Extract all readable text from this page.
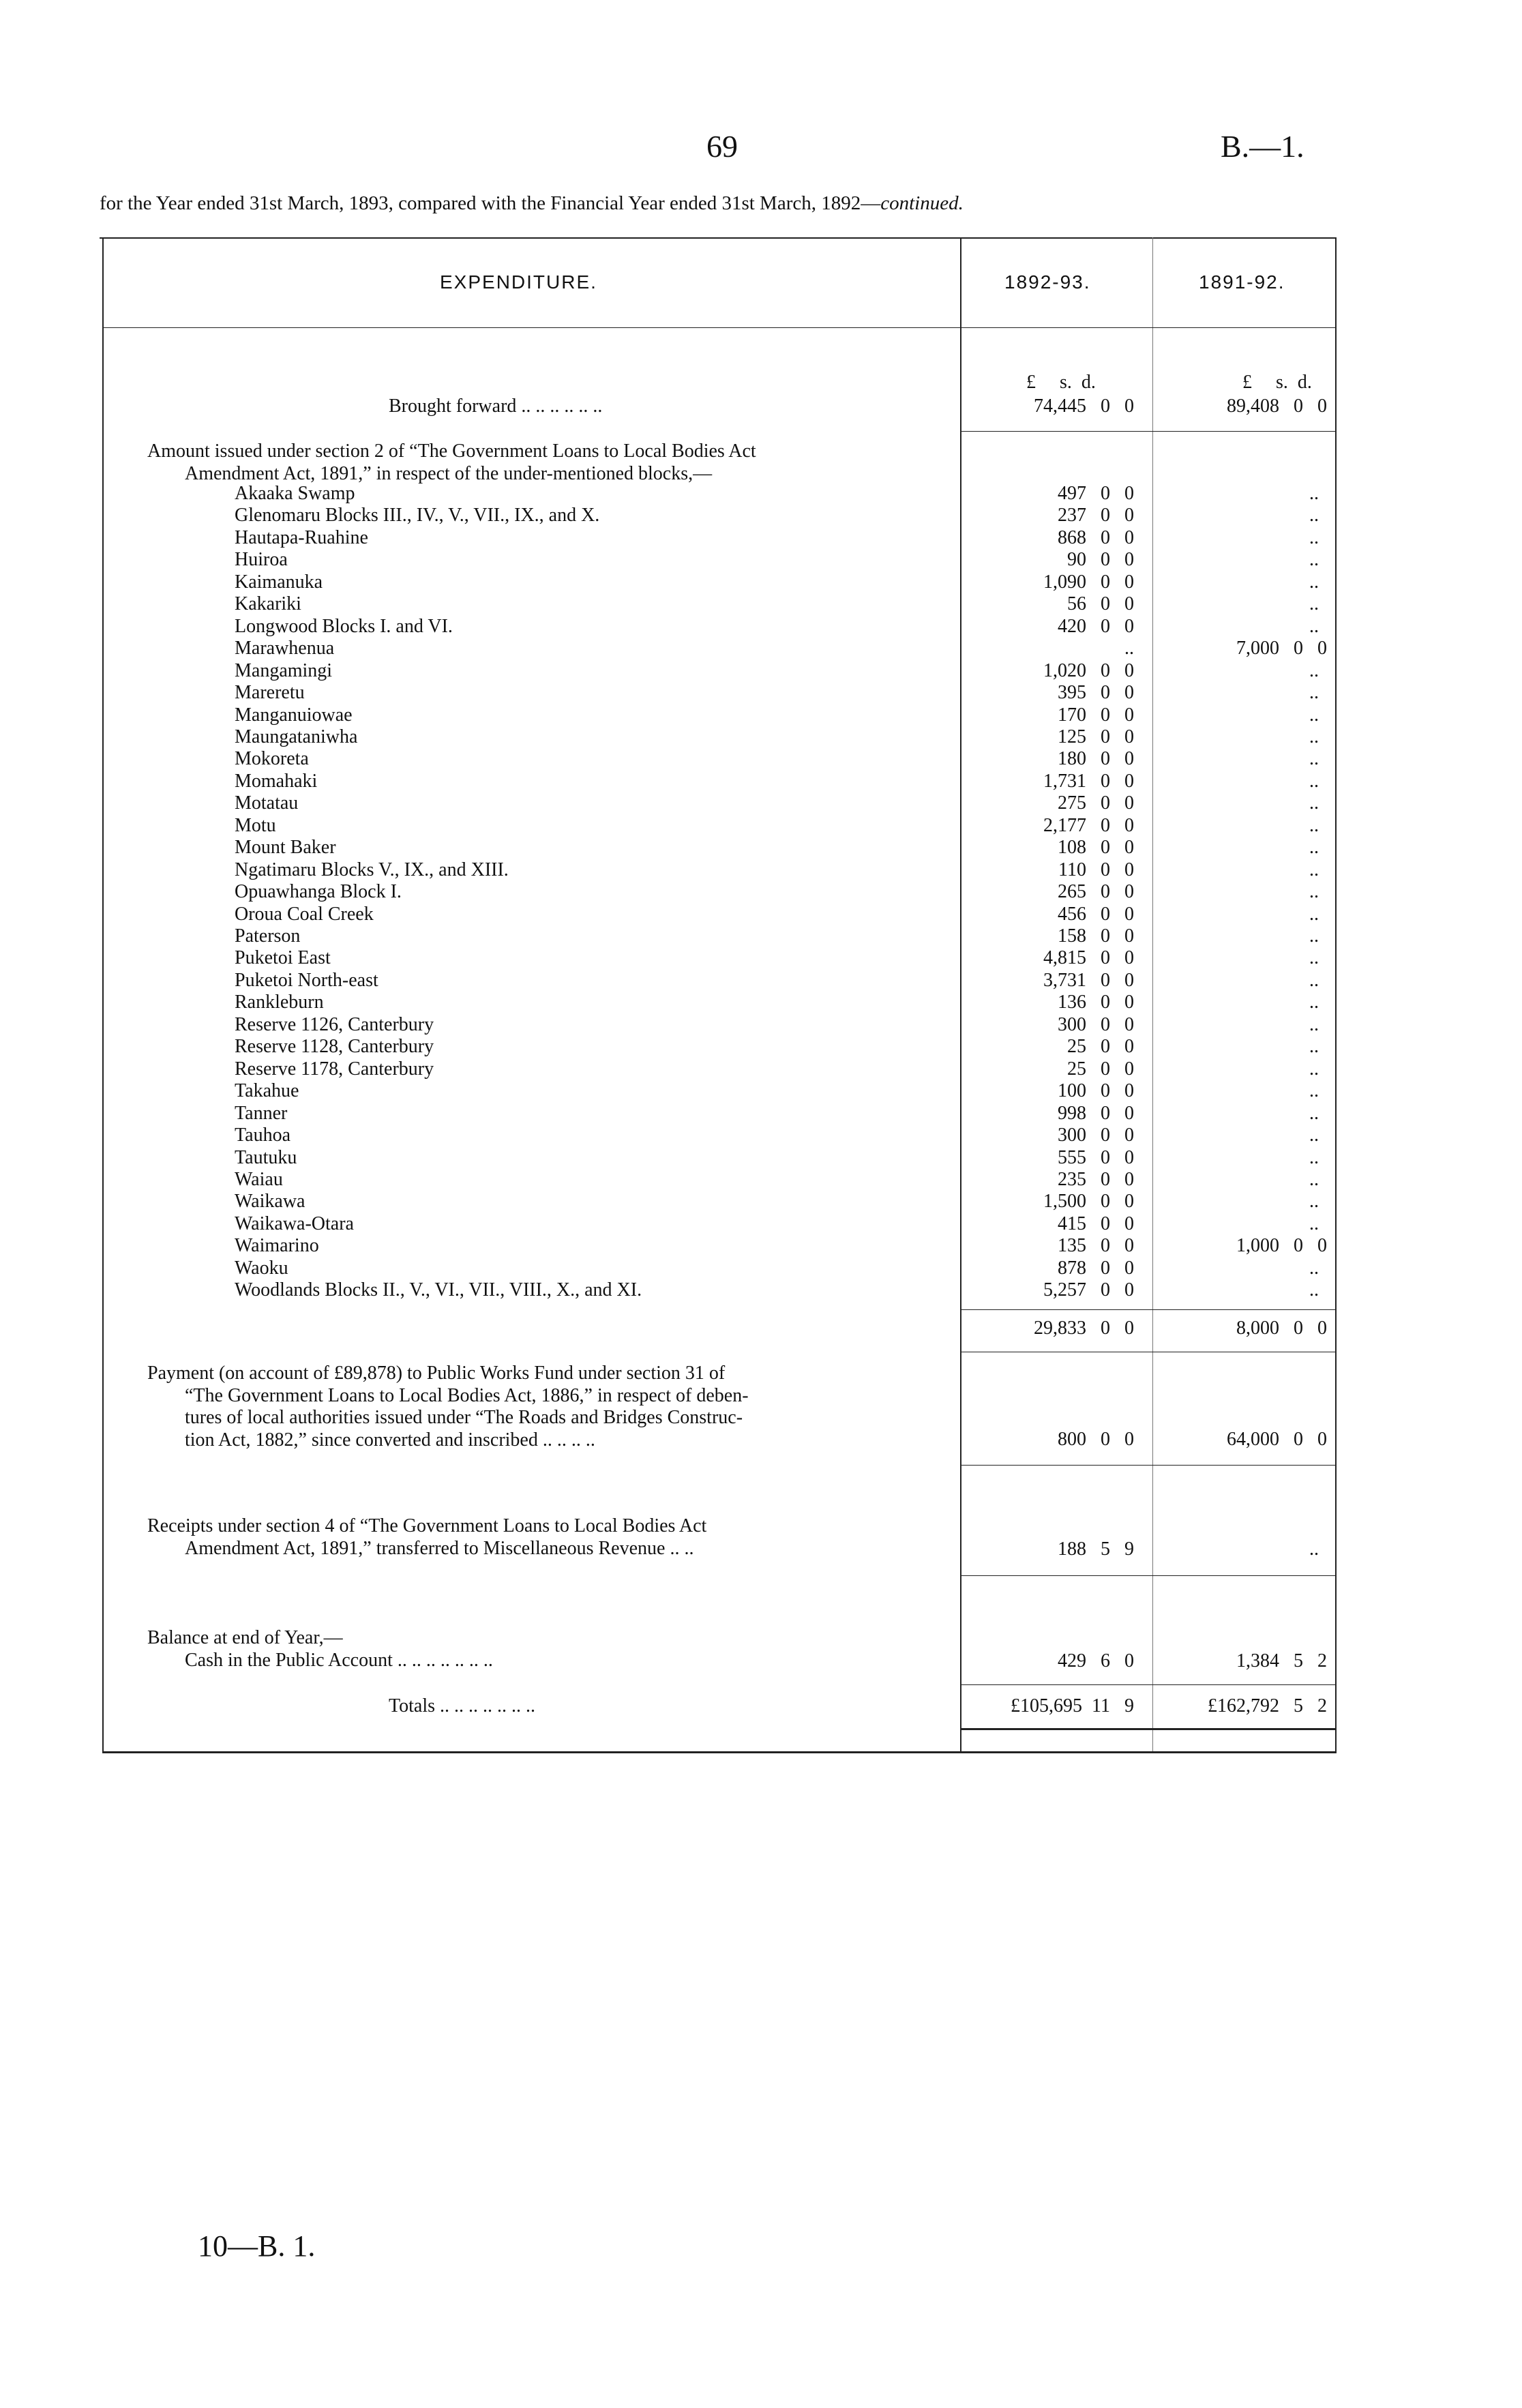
69	B.—1.
for the Year ended 31st March, 1893, compared with the Financial Year ended 31st March, 1892—continued.
EXPENDITURE.	1892-93.	1891-92.
£     s.  d.	£     s.  d.
Brought forward .. .. .. .. .. ..	74,445   0   0	89,408   0   0
Amount issued under section 2 of “The Government Loans to Local Bodies Act
Amendment Act, 1891,” in respect of the under-mentioned blocks,—
Akaaka Swamp	497   0   0	..
Glenomaru Blocks III., IV., V., VII., IX., and X.	237   0   0	..
Hautapa-Ruahine	868   0   0	..
Huiroa	90   0   0	..
Kaimanuka	1,090   0   0	..
Kakariki	56   0   0	..
Longwood Blocks I. and VI.	420   0   0	..
Marawhenua	..	7,000   0   0
Mangamingi	1,020   0   0	..
Mareretu	395   0   0	..
Manganuiowae	170   0   0	..
Maungataniwha	125   0   0	..
Mokoreta	180   0   0	..
Momahaki	1,731   0   0	..
Motatau	275   0   0	..
Motu	2,177   0   0	..
Mount Baker	108   0   0	..
Ngatimaru Blocks V., IX., and XIII.	110   0   0	..
Opuawhanga Block I.	265   0   0	..
Oroua Coal Creek	456   0   0	..
Paterson	158   0   0	..
Puketoi East	4,815   0   0	..
Puketoi North-east	3,731   0   0	..
Rankleburn	136   0   0	..
Reserve 1126, Canterbury	300   0   0	..
Reserve 1128, Canterbury	25   0   0	..
Reserve 1178, Canterbury	25   0   0	..
Takahue	100   0   0	..
Tanner	998   0   0	..
Tauhoa	300   0   0	..
Tautuku	555   0   0	..
Waiau	235   0   0	..
Waikawa	1,500   0   0	..
Waikawa-Otara	415   0   0	..
Waimarino	135   0   0	1,000   0   0
Waoku	878   0   0	..
Woodlands Blocks II., V., VI., VII., VIII., X., and XI.	5,257   0   0	..
29,833   0   0	8,000   0   0
Payment (on account of £89,878) to Public Works Fund under section 31 of
“The Government Loans to Local Bodies Act, 1886,” in respect of deben-
tures of local authorities issued under “The Roads and Bridges Construc-
tion Act, 1882,” since converted and inscribed .. .. .. ..	800   0   0	64,000   0   0
Receipts under section 4 of “The Government Loans to Local Bodies Act
Amendment Act, 1891,” transferred to Miscellaneous Revenue .. ..	188   5   9	..
Balance at end of Year,—
Cash in the Public Account .. .. .. .. .. .. ..	429   6   0	1,384   5   2
Totals .. .. .. .. .. .. ..	£105,695  11   9	£162,792   5   2
10—B. 1.
